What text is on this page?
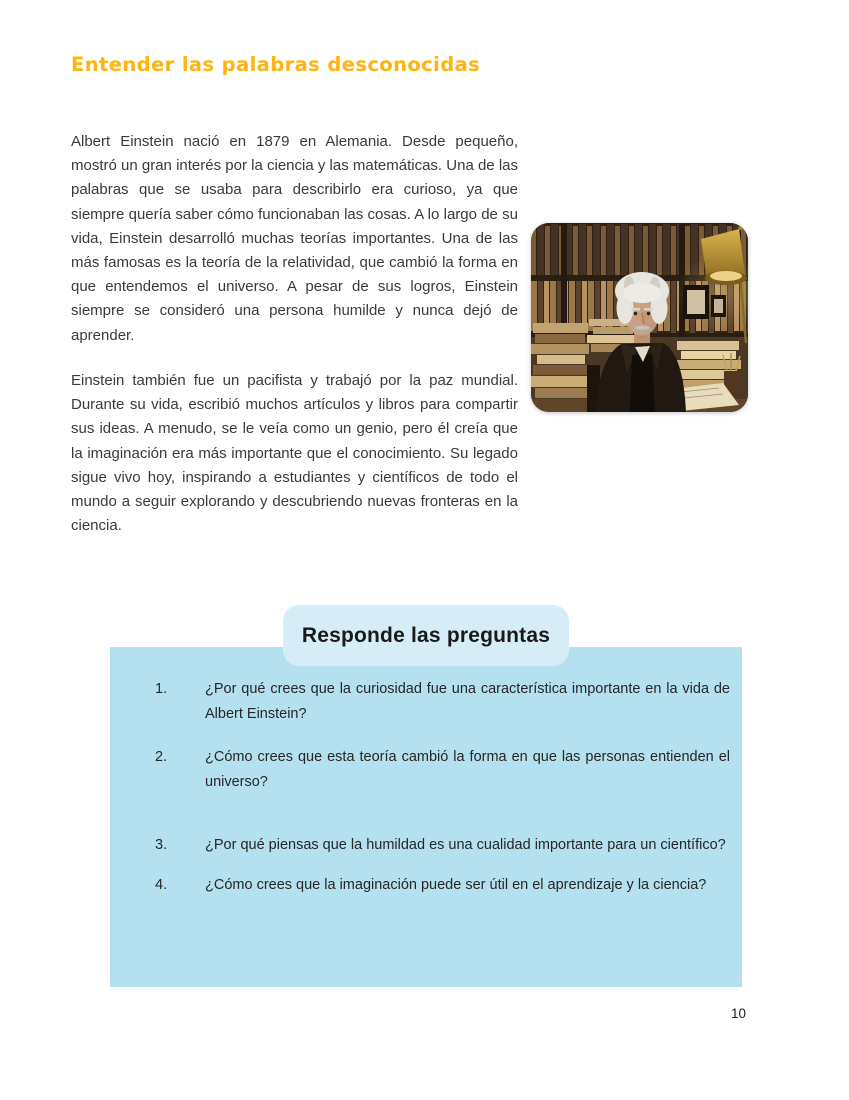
Entender las palabras desconocidas

Albert Einstein nació en 1879 en Alemania. Desde pequeño, mostró un gran interés por la ciencia y las matemáticas. Una de las palabras que se usaba para describirlo era curioso, ya que siempre quería saber cómo funcionaban las cosas. A lo largo de su vida, Einstein desarrolló muchas teorías importantes. Una de las más famosas es la teoría de la relatividad, que cambió la forma en que entendemos el universo. A pesar de sus logros, Einstein siempre se consideró una persona humilde y nunca dejó de aprender.

Einstein también fue un pacifista y trabajó por la paz mundial. Durante su vida, escribió muchos artículos y libros para compartir sus ideas. A menudo, se le veía como un genio, pero él creía que la imaginación era más importante que el conocimiento. Su legado sigue vivo hoy, inspirando a estudiantes y científicos de todo el mundo a seguir explorando y descubriendo nuevas fronteras en la ciencia.

Responde las preguntas
1.	¿Por qué crees que la curiosidad fue una característica importante en la vida de Albert Einstein?
2.	¿Cómo crees que esta teoría cambió la forma en que las personas entienden el universo?
3.	¿Por qué piensas que la humildad es una cualidad importante para un científico?
4.	¿Cómo crees que la imaginación puede ser útil en el aprendizaje y la ciencia?
10
